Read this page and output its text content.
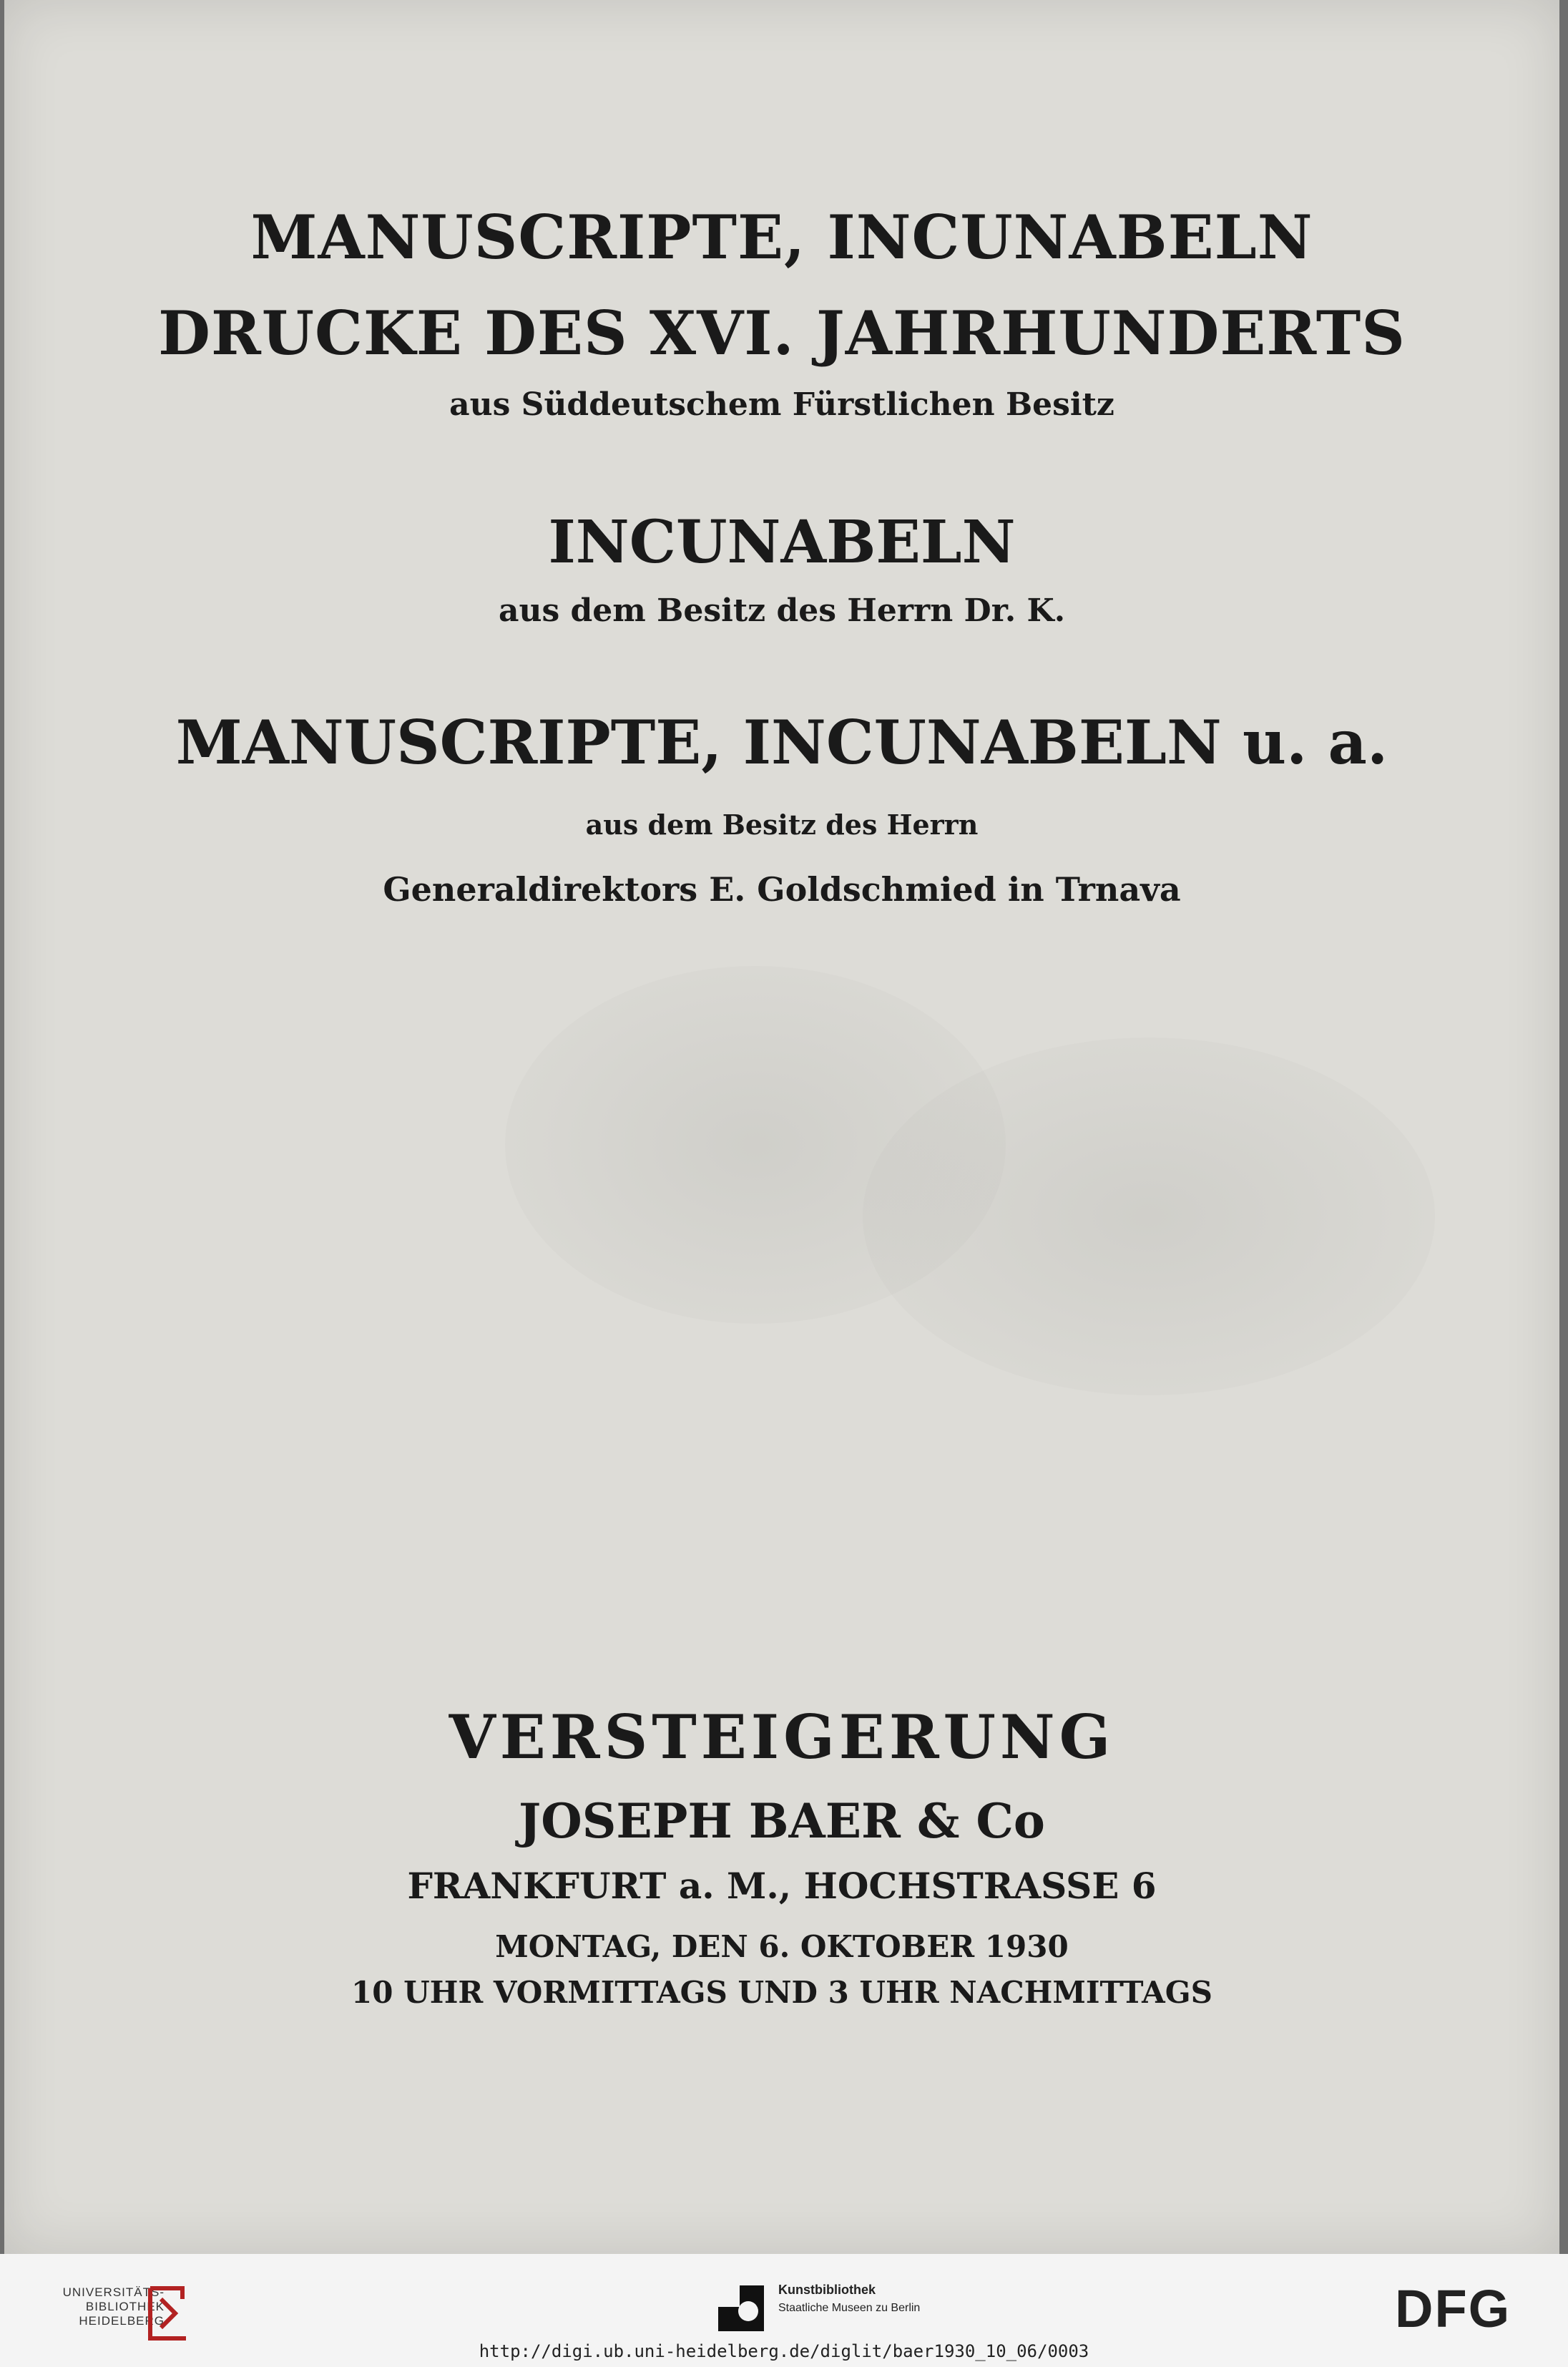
MANUSCRIPTE, INCUNABELN
DRUCKE DES XVI. JAHRHUNDERTS
aus Süddeutschem Fürstlichen Besitz
INCUNABELN
aus dem Besitz des Herrn Dr. K.
MANUSCRIPTE, INCUNABELN u. a.
aus dem Besitz des Herrn
Generaldirektors E. Goldschmied in Trnava
VERSTEIGERUNG
JOSEPH BAER & Co
FRANKFURT a. M., HOCHSTRASSE 6
MONTAG, DEN 6. OKTOBER 1930
10 UHR VORMITTAGS UND 3 UHR NACHMITTAGS
UNIVERSITÄTS-
BIBLIOTHEK
HEIDELBERG
Kunstbibliothek
Staatliche Museen zu Berlin	DFG
http://digi.ub.uni-heidelberg.de/diglit/baer1930_10_06/0003
